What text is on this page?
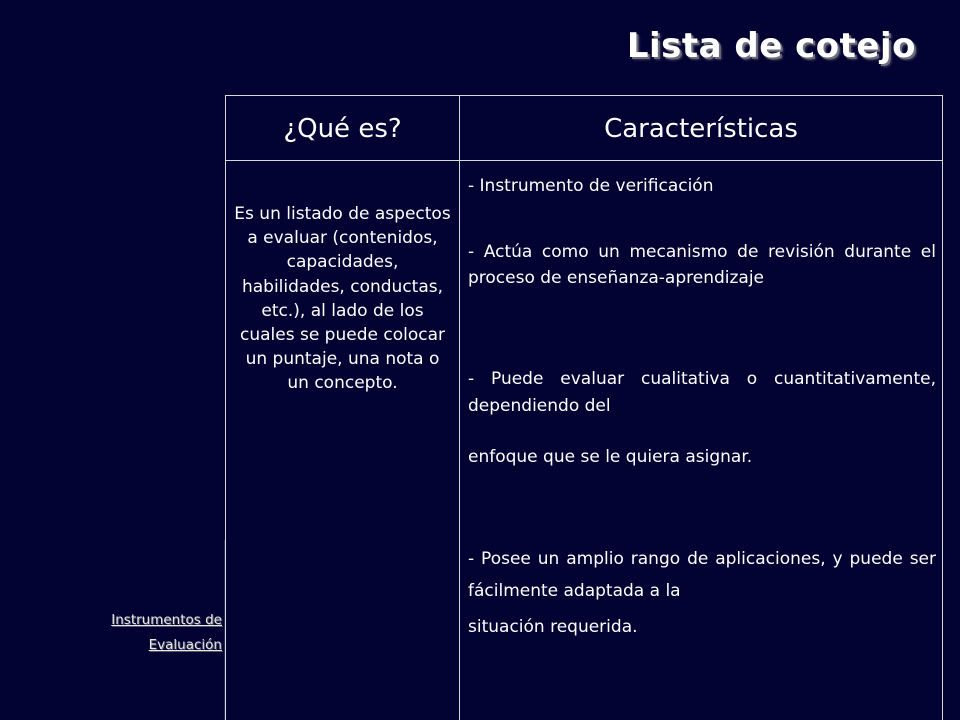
Lista de cotejo
¿Qué es?	Características
Es un listado de aspectos a evaluar (contenidos, capacidades, habilidades, conductas, etc.), al lado de los cuales se puede colocar un puntaje, una nota o un concepto.
- Instrumento de verificación
- Actúa como un mecanismo de revisión durante el proceso de enseñanza-aprendizaje
- Puede evaluar cualitativa o cuantitativamente, dependiendo del
enfoque que se le quiera asignar.
- Posee un amplio rango de aplicaciones, y puede ser fácilmente adaptada a la
situación requerida.
Instrumentos de
Evaluación
